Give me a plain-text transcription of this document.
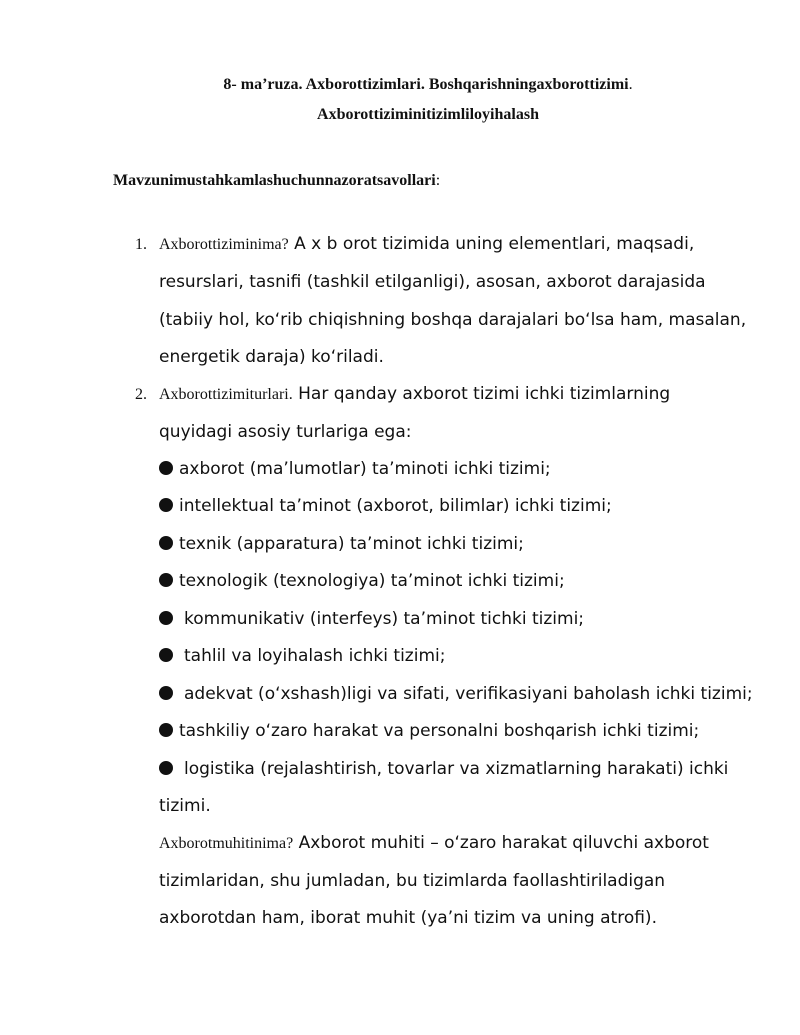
8- ma’ruza. Axborottizimlari. Boshqarishningaxborottizimi.
Axborottiziminitizimliloyihalash
Mavzunimustahkamlashuchunnazoratsavollari:
1. Axborottiziminima? A x b orot tizimida uning elementlari, maqsadi,
resurslari, tasnifi (tashkil etilganligi), asosan, axborot darajasida
(tabiiy hol, ko‘rib chiqishning boshqa darajalari bo‘lsa ham, masalan,
energetik daraja) ko‘riladi.
2. Axborottizimiturlari. Har qanday axborot tizimi ichki tizimlarning
quyidagi asosiy turlariga ega:
axborot (ma’lumotlar) ta’minoti ichki tizimi;
intellektual ta’minot (axborot, bilimlar) ichki tizimi;
texnik (apparatura) ta’minot ichki tizimi;
texnologik (texnologiya) ta’minot ichki tizimi;
kommunikativ (interfeys) ta’minot tichki tizimi;
tahlil va loyihalash ichki tizimi;
adekvat (o‘xshash)ligi va sifati, verifikasiyani baholash ichki tizimi;
tashkiliy o‘zaro harakat va personalni boshqarish ichki tizimi;
logistika (rejalashtirish, tovarlar va xizmatlarning harakati) ichki
tizimi.
Axborotmuhitinima? Axborot muhiti – o‘zaro harakat qiluvchi axborot
tizimlaridan, shu jumladan, bu tizimlarda faollashtiriladigan
axborotdan ham, iborat muhit (ya’ni tizim va uning atrofi).
